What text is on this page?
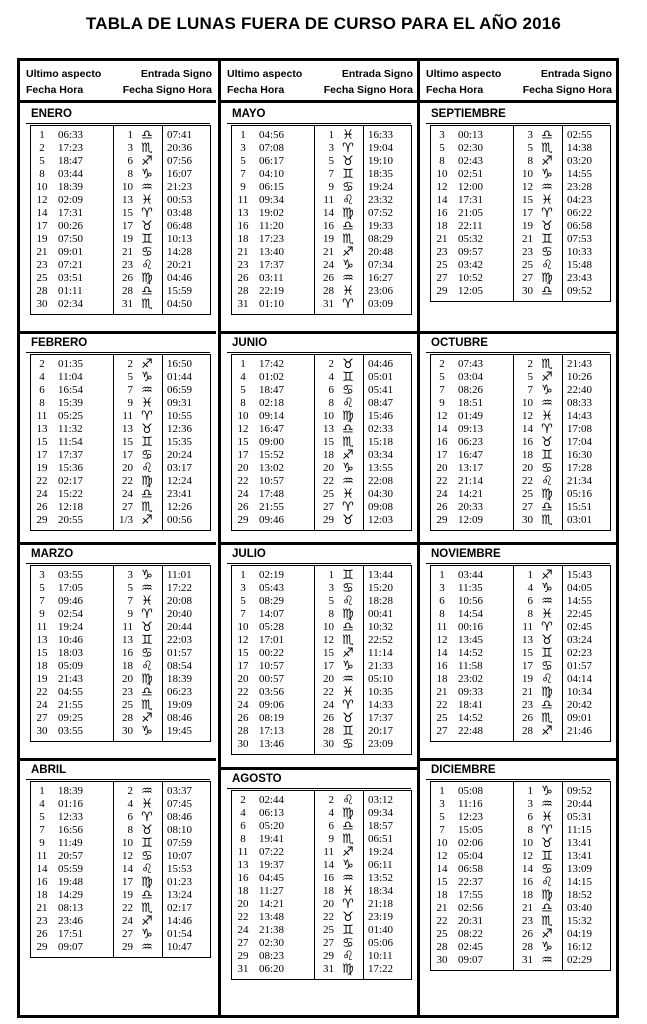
TABLA DE LUNAS FUERA DE CURSO PARA EL AÑO 2016
Ultimo aspecto	Entrada Signo
Fecha Hora	Fecha Signo Hora
ENERO
1	06:33	1 ♎ 07:41
2	17:23	3 ♏ 20:36
5	18:47	6 ♐ 07:56
8	03:44	8 ♑ 16:07
10 18:39	10 ♒ 21:23
12 02:09	13 ♓ 00:53
14 17:31	15 ♈ 03:48
17 00:26	17 ♉ 06:48
19 07:50	19 ♊ 10:13
21 09:01	21 ♋ 14:28
23 07:21	23 ♌ 20:21
25 03:51	26 ♍ 04:46
28 01:11	28 ♎ 15:59
30 02:34	31 ♏ 04:50
FEBRERO
2	01:35	2 ♐ 16:50
4	11:04	5 ♑ 01:44
6	16:54	7 ♒ 06:59
8	15:39	9 ♓ 09:31
11 05:25	11 ♈ 10:55
13 11:32	13 ♉ 12:36
15 11:54	15 ♊ 15:35
17 17:37	17 ♋ 20:24
19 15:36	20 ♌ 03:17
22 02:17	22 ♍ 12:24
24 15:22	24 ♎ 23:41
26 12:18	27 ♏ 12:26
29 20:55	1/3 ♐ 00:56
MARZO
3	03:55	3 ♑ 11:01
5	17:05	5 ♒ 17:22
7	09:46	7 ♓ 20:08
9	02:54	9 ♈ 20:40
11 19:24	11 ♉ 20:44
13 10:46	13 ♊ 22:03
15 18:03	16 ♋ 01:57
18 05:09	18 ♌ 08:54
19 21:43	20 ♍ 18:39
22 04:55	23 ♎ 06:23
24 21:55	25 ♏ 19:09
27 09:25	28 ♐ 08:46
30 03:55	30 ♑ 19:45
ABRIL
1	18:39	2 ♒ 03:37
4	01:16	4 ♓ 07:45
5	12:33	6 ♈ 08:46
7	16:56	8 ♉ 08:10
9	11:49	10 ♊ 07:59
11 20:57	12 ♋ 10:07
14 05:59	14 ♌ 15:53
16 19:48	17 ♍ 01:23
18 14:29	19 ♎ 13:24
21 08:13	22 ♏ 02:17
23 23:46	24 ♐ 14:46
26 17:51	27 ♑ 01:54
29 09:07	29 ♒ 10:47
Ultimo aspecto	Entrada Signo
Fecha Hora	Fecha Signo Hora
MAYO
1	04:56	1 ♓ 16:33
3	07:08	3 ♈ 19:04
5	06:17	5 ♉ 19:10
7	04:10	7 ♊ 18:35
9	06:15	9 ♋ 19:24
11 09:34	11 ♌ 23:32
13 19:02	14 ♍ 07:52
16 11:20	16 ♎ 19:33
18 17:23	19 ♏ 08:29
21 13:40	21 ♐ 20:48
23 17:37	24 ♑ 07:34
26 03:11	26 ♒ 16:27
28 22:19	28 ♓ 23:06
31 01:10	31 ♈ 03:09
JUNIO
1	17:42	2 ♉ 04:46
4	01:02	4 ♊ 05:01
5	18:47	6 ♋ 05:41
8	02:18	8 ♌ 08:47
10 09:14	10 ♍ 15:46
12 16:47	13 ♎ 02:33
15 09:00	15 ♏ 15:18
17 15:52	18 ♐ 03:34
20 13:02	20 ♑ 13:55
22 10:57	22 ♒ 22:08
24 17:48	25 ♓ 04:30
26 21:55	27 ♈ 09:08
29 09:46	29 ♉ 12:03
JULIO
1	02:19	1 ♊ 13:44
3	05:43	3 ♋ 15:20
5	08:29	5 ♌ 18:28
7	14:07	8 ♍ 00:41
10 05:28	10 ♎ 10:32
12 17:01	12 ♏ 22:52
15 00:22	15 ♐ 11:14
17 10:57	17 ♑ 21:33
20 00:57	20 ♒ 05:10
22 03:56	22 ♓ 10:35
24 09:06	24 ♈ 14:33
26 08:19	26 ♉ 17:37
28 17:13	28 ♊ 20:17
30 13:46	30 ♋ 23:09
AGOSTO
2	02:44	2 ♌ 03:12
4	06:13	4 ♍ 09:34
6	05:20	6 ♎ 18:57
8	19:41	9 ♏ 06:51
11 07:22	11 ♐ 19:24
13 19:37	14 ♑ 06:11
16 04:45	16 ♒ 13:52
18 11:27	18 ♓ 18:34
20 14:21	20 ♈ 21:18
22 13:48	22 ♉ 23:19
24 21:38	25 ♊ 01:40
27 02:30	27 ♋ 05:06
29 08:23	29 ♌ 10:11
31 06:20	31 ♍ 17:22
Ultimo aspecto	Entrada Signo
Fecha Hora	Fecha Signo Hora
SEPTIEMBRE
3	00:13	3 ♎ 02:55
5	02:30	5 ♏ 14:38
8	02:43	8 ♐ 03:20
10 02:51	10 ♑ 14:55
12 12:00	12 ♒ 23:28
14 17:31	15 ♓ 04:23
16 21:05	17 ♈ 06:22
18 22:11	19 ♉ 06:58
21 05:32	21 ♊ 07:53
23 09:57	23 ♋ 10:33
25 03:42	25 ♌ 15:48
27 10:52	27 ♍ 23:43
29 12:05	30 ♎ 09:52
OCTUBRE
2	07:43	2 ♏ 21:43
5	03:04	5 ♐ 10:26
7	08:26	7 ♑ 22:40
9	18:51	10 ♒ 08:33
12 01:49	12 ♓ 14:43
14 09:13	14 ♈ 17:08
16 06:23	16 ♉ 17:04
17 16:47	18 ♊ 16:30
20 13:17	20 ♋ 17:28
22 21:14	22 ♌ 21:34
24 14:21	25 ♍ 05:16
26 20:33	27 ♎ 15:51
29 12:09	30 ♏ 03:01
NOVIEMBRE
1	03:44	1 ♐ 15:43
3	11:35	4 ♑ 04:05
6	10:56	6 ♒ 14:55
8	14:54	8 ♓ 22:45
11 00:16	11 ♈ 02:45
12 13:45	13 ♉ 03:24
14 14:52	15 ♊ 02:23
16 11:58	17 ♋ 01:57
18 23:02	19 ♌ 04:14
21 09:33	21 ♍ 10:34
22 18:41	23 ♎ 20:42
25 14:52	26 ♏ 09:01
27 22:48	28 ♐ 21:46
DICIEMBRE
1	05:08	1 ♑ 09:52
3	11:16	3 ♒ 20:44
5	12:23	6 ♓ 05:31
7	15:05	8 ♈ 11:15
10 02:06	10 ♉ 13:41
12 05:04	12 ♊ 13:41
14 06:58	14 ♋ 13:09
15 22:37	16 ♌ 14:15
18 17:55	18 ♍ 18:52
21 02:56	21 ♎ 03:40
22 20:31	23 ♏ 15:32
25 08:22	26 ♐ 04:19
28 02:45	28 ♑ 16:12
30 09:07	31 ♒ 02:29
